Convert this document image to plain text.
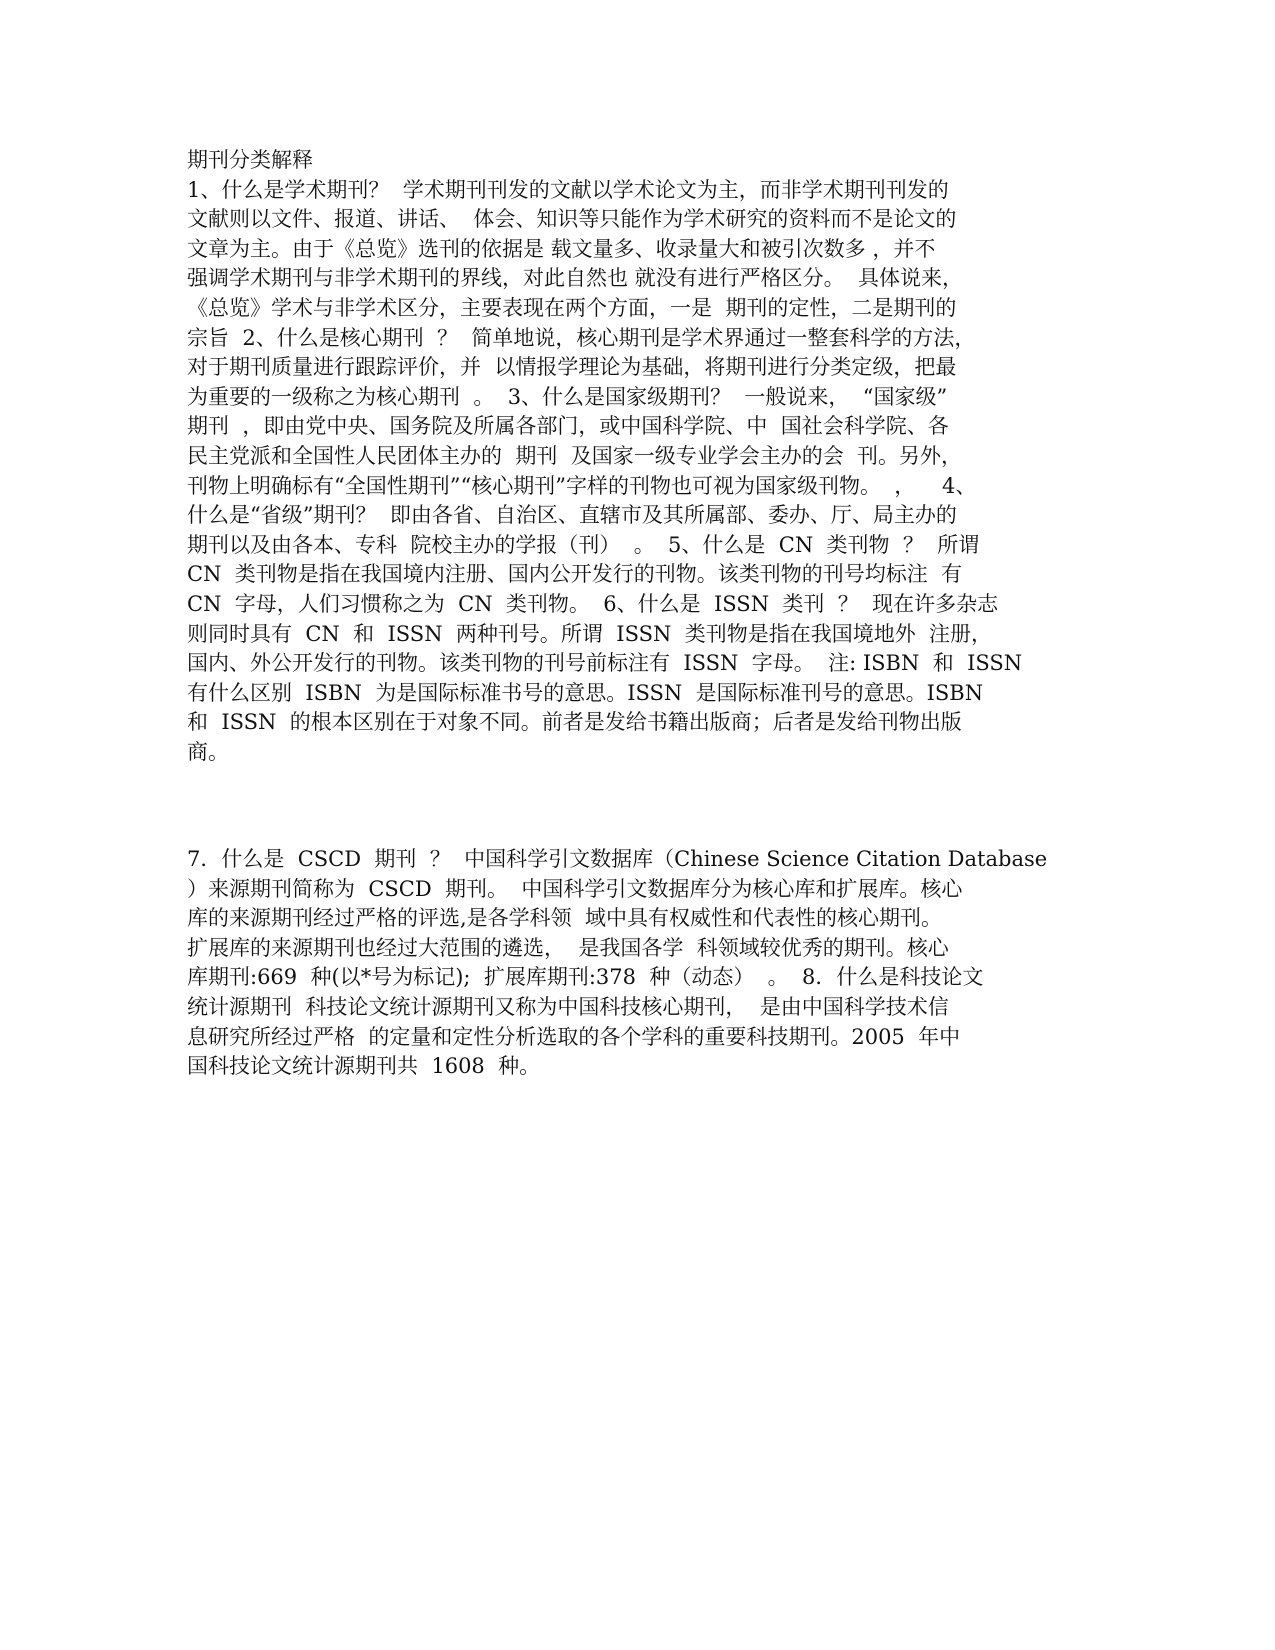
期刊分类解释
1、什么是学术期刊？  学术期刊刊发的文献以学术论文为主，而非学术期刊刊发的
文献则以文件、报道、讲话、  体会、知识等只能作为学术研究的资料而不是论文的
文章为主。由于《总览》选刊的依据是 载文量多、收录量大和被引次数多 ，并不
强调学术期刊与非学术期刊的界线，对此自然也 就没有进行严格区分。  具体说来，
《总览》学术与非学术区分，主要表现在两个方面，一是  期刊的定性，二是期刊的
宗旨  2、什么是核心期刊  ？  简单地说，核心期刊是学术界通过一整套科学的方法，
对于期刊质量进行跟踪评价，并  以情报学理论为基础，将期刊进行分类定级，把最
为重要的一级称之为核心期刊  。  3、什么是国家级期刊？  一般说来，  “国家级”
期刊  ，即由党中央、国务院及所属各部门，或中国科学院、中  国社会科学院、各
民主党派和全国性人民团体主办的  期刊  及国家一级专业学会主办的会  刊。另外，
刊物上明确标有“全国性期刊”“核心期刊”字样的刊物也可视为国家级刊物。  ，    4、
什么是“省级”期刊？  即由各省、自治区、直辖市及其所属部、委办、厅、局主办的
期刊以及由各本、专科  院校主办的学报（刊）  。  5、什么是  CN  类刊物  ？  所谓
CN  类刊物是指在我国境内注册、国内公开发行的刊物。该类刊物的刊号均标注  有
CN  字母，人们习惯称之为  CN  类刊物。  6、什么是  ISSN  类刊  ？  现在许多杂志
则同时具有  CN  和  ISSN  两种刊号。所谓  ISSN  类刊物是指在我国境地外  注册，
国内、外公开发行的刊物。该类刊物的刊号前标注有  ISSN  字母。  注: ISBN  和  ISSN
有什么区别  ISBN  为是国际标准书号的意思。ISSN  是国际标准刊号的意思。ISBN
和  ISSN  的根本区别在于对象不同。前者是发给书籍出版商；后者是发给刊物出版
商。
7．什么是  CSCD  期刊  ？  中国科学引文数据库（Chinese Science Citation Database
）来源期刊简称为  CSCD  期刊。  中国科学引文数据库分为核心库和扩展库。核心
库的来源期刊经过严格的评选,是各学科领  域中具有权威性和代表性的核心期刊。
扩展库的来源期刊也经过大范围的遴选，  是我国各学  科领域较优秀的期刊。核心
库期刊:669  种(以*号为标记);  扩展库期刊:378  种（动态）  。  8．什么是科技论文
统计源期刊  科技论文统计源期刊又称为中国科技核心期刊，  是由中国科学技术信
息研究所经过严格  的定量和定性分析选取的各个学科的重要科技期刊。2005  年中
国科技论文统计源期刊共  1608  种。
